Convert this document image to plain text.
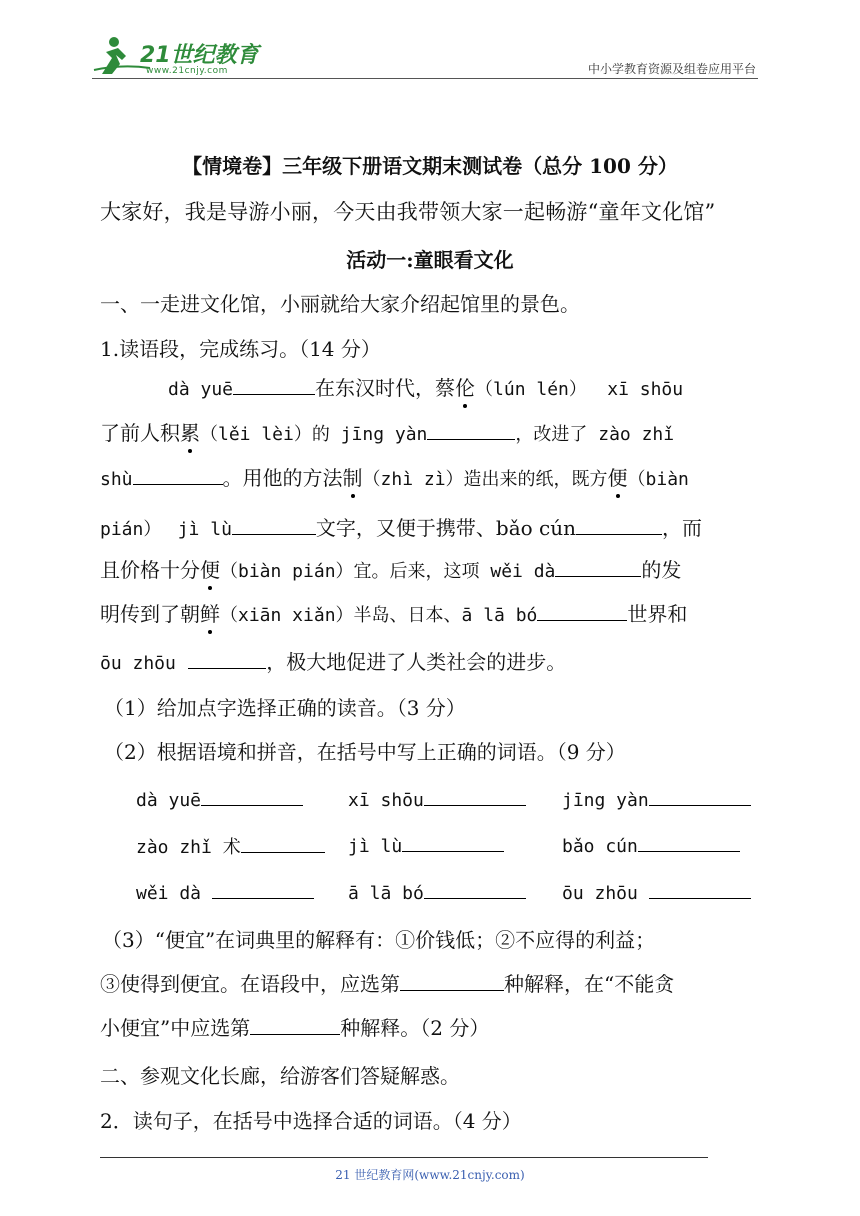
21世纪教育
www.21cnjy.com	中小学教育资源及组卷应用平台
【情境卷】三年级下册语文期末测试卷（总分 100 分）
大家好，我是导游小丽，今天由我带领大家一起畅游“童年文化馆”
活动一:童眼看文化
一、一走进文化馆，小丽就给大家介绍起馆里的景色。
1.读语段，完成练习。（14 分）
dà yuē	在东汉时代，蔡伦（lún lén） xī shōu
了前人积累（lěi lèi）的 jīng yàn	，改进了 zào zhǐ
shù	。用他的方法制（zhì zì）造出来的纸，既方便（biàn
pián） jì lù	文字，又便于携带、bǎo cún	，而
且价格十分便（biàn pián）宜。后来，这项 wěi dà	的发
明传到了朝鲜（xiān xiǎn）半岛、日本、ā lā bó	世界和
ōu zhōu	，极大地促进了人类社会的进步。
（1）给加点字选择正确的读音。（3 分）
（2）根据语境和拼音，在括号中写上正确的词语。（9 分）
dà yuē	xī shōu	jīng yàn
zào zhǐ 术	jì lù	bǎo cún
wěi dà	ā lā bó	ōu zhōu
（3）“便宜”在词典里的解释有：①价钱低；②不应得的利益；
③使得到便宜。在语段中，应选第	种解释，在“不能贪
小便宜”中应选第	种解释。（2 分）
二、参观文化长廊，给游客们答疑解惑。
2．读句子，在括号中选择合适的词语。（4 分）
21 世纪教育网(www.21cnjy.com)
